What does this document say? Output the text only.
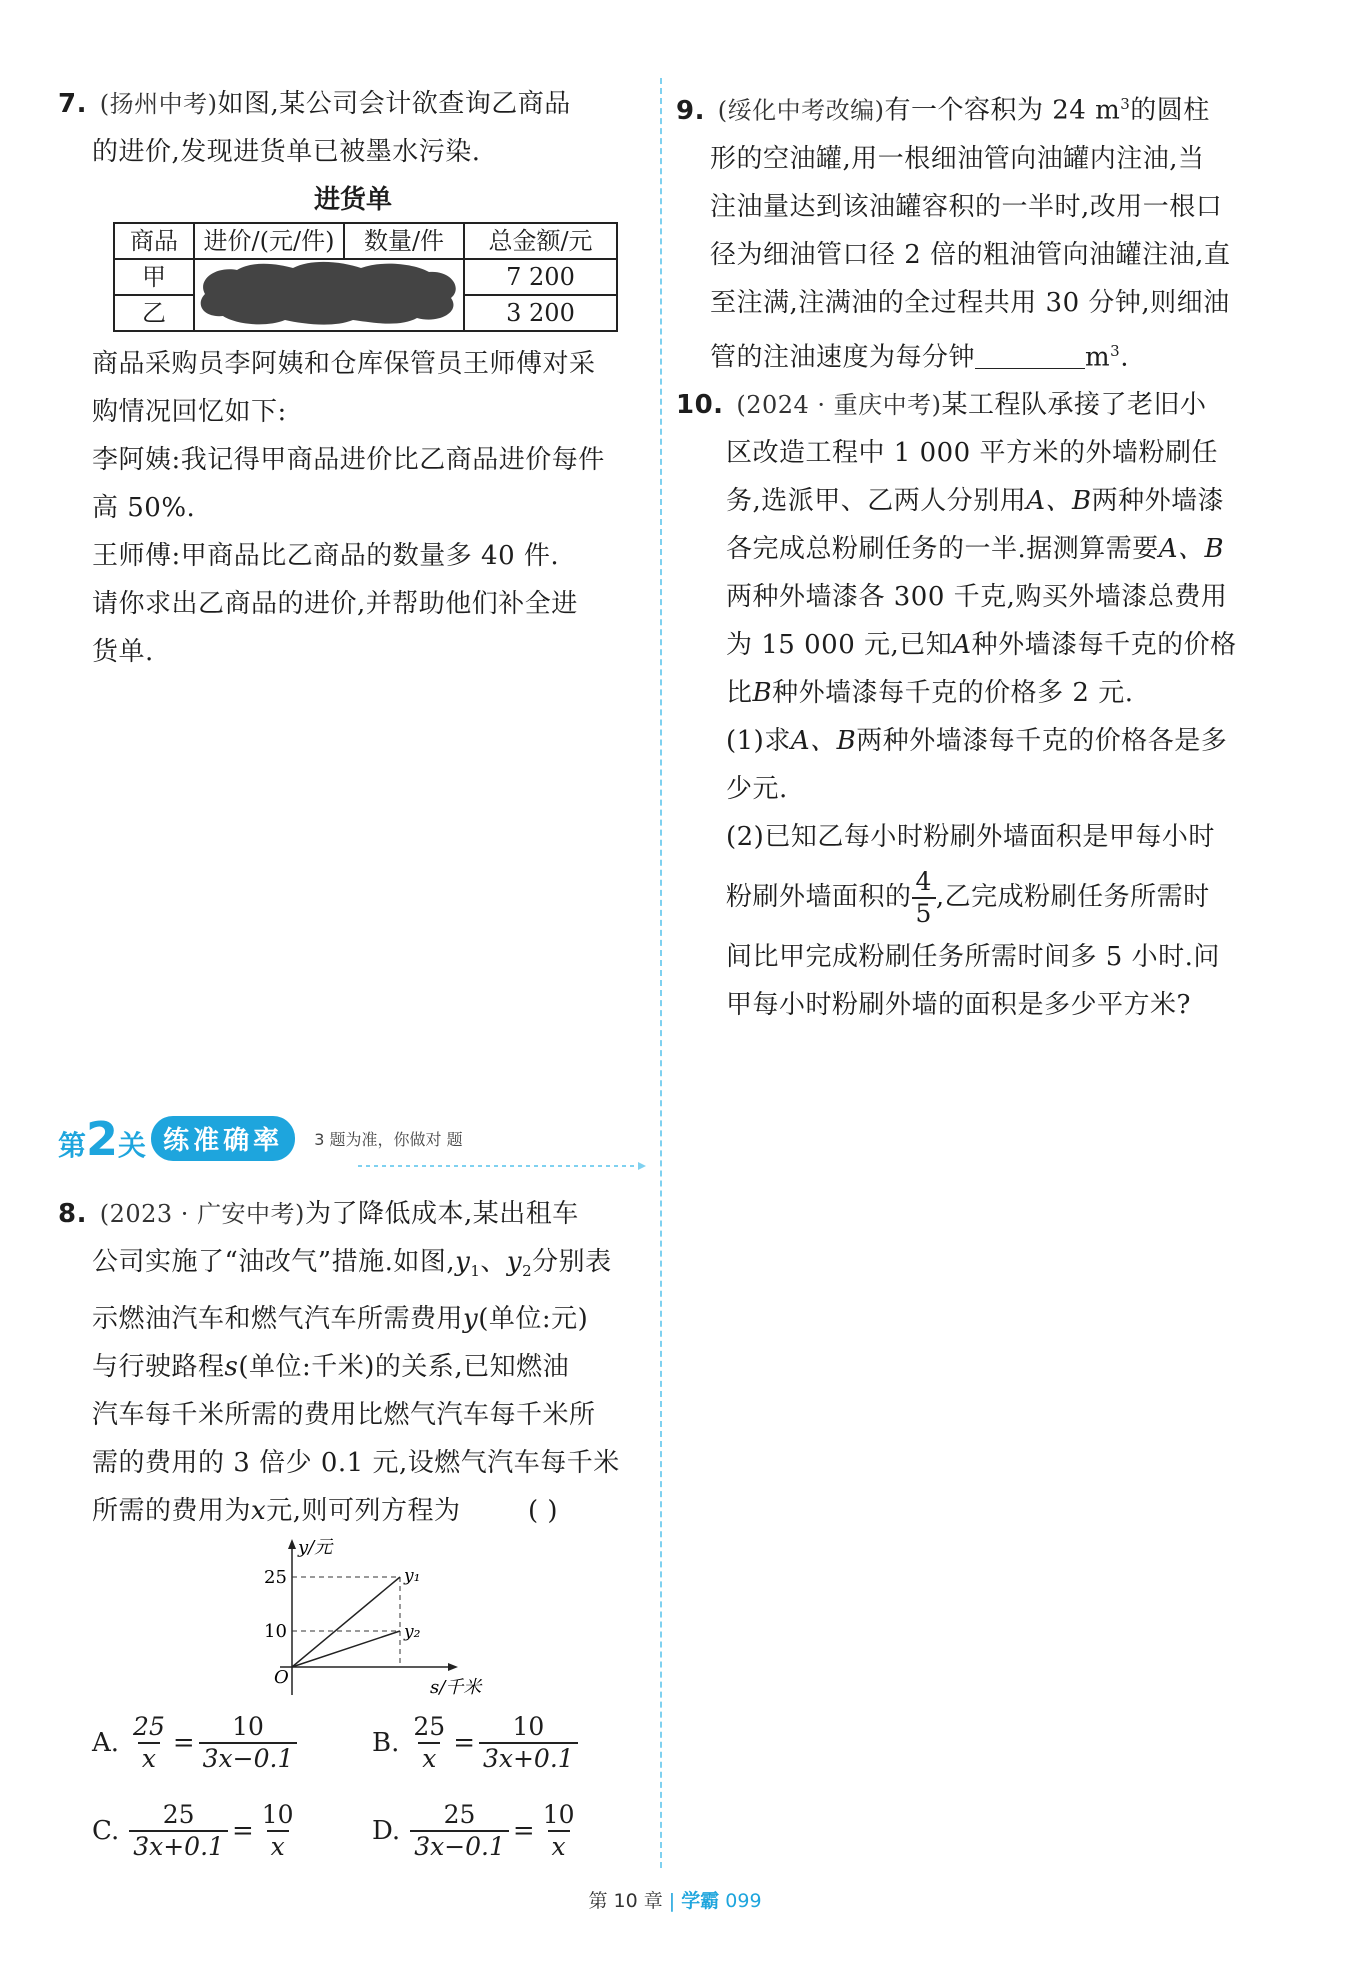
7. (扬州中考)如图,某公司会计欲查询乙商品
的进价,发现进货单已被墨水污染.
进货单
商品	进价/(元/件)	数量/件	总金额/元
甲			7 200
乙			3 200
商品采购员李阿姨和仓库保管员王师傅对采
购情况回忆如下:
李阿姨:我记得甲商品进价比乙商品进价每件
高 50%.
王师傅:甲商品比乙商品的数量多 40 件.
请你求出乙商品的进价,并帮助他们补全进
货单.
第2关 练准确率 3 题为准，你做对 题
8. (2023 · 广安中考)为了降低成本,某出租车
公司实施了“油改气”措施.如图$,y_1$、$y_2$分别表
示燃油汽车和燃气汽车所需费用y(单位:元)
与行驶路程s(单位:千米)的关系,已知燃油
汽车每千米所需的费用比燃气汽车每千米所
需的费用的 3 倍少 0.1 元,设燃气汽车每千米
所需的费用为x元,则可列方程为	( )
y/元
s/千米
O
25
10
y₁
y₂
A. $\frac{25}{x} = \frac{10}{3x-0.1}$	B. $\frac{25}{x} = \frac{10}{3x+0.1}$
C. $\frac{25}{3x+0.1} = \frac{10}{x}$	D. $\frac{25}{3x-0.1} = \frac{10}{x}$
9. (绥化中考改编)有一个容积为 24 $m^3$的圆柱
形的空油罐,用一根细油管向油罐内注油,当
注油量达到该油罐容积的一半时,改用一根口
径为细油管口径 2 倍的粗油管向油罐注油,直
至注满,注满油的全过程共用 30 分钟,则细油
管的注油速度为每分钟	$m^3$.
10. (2024 · 重庆中考)某工程队承接了老旧小
区改造工程中 1 000 平方米的外墙粉刷任
务,选派甲、乙两人分别用A、B两种外墙漆
各完成总粉刷任务的一半.据测算需要A、B
两种外墙漆各 300 千克,购买外墙漆总费用
为 15 000 元,已知A种外墙漆每千克的价格
比B种外墙漆每千克的价格多 2 元.
(1)求A、B两种外墙漆每千克的价格各是多
少元.
(2)已知乙每小时粉刷外墙面积是甲每小时
粉刷外墙面积的 $\frac{4}{5}$ ,乙完成粉刷任务所需时
间比甲完成粉刷任务所需时间多 5 小时.问
甲每小时粉刷外墙的面积是多少平方米?
第 10 章 | 学霸 099
